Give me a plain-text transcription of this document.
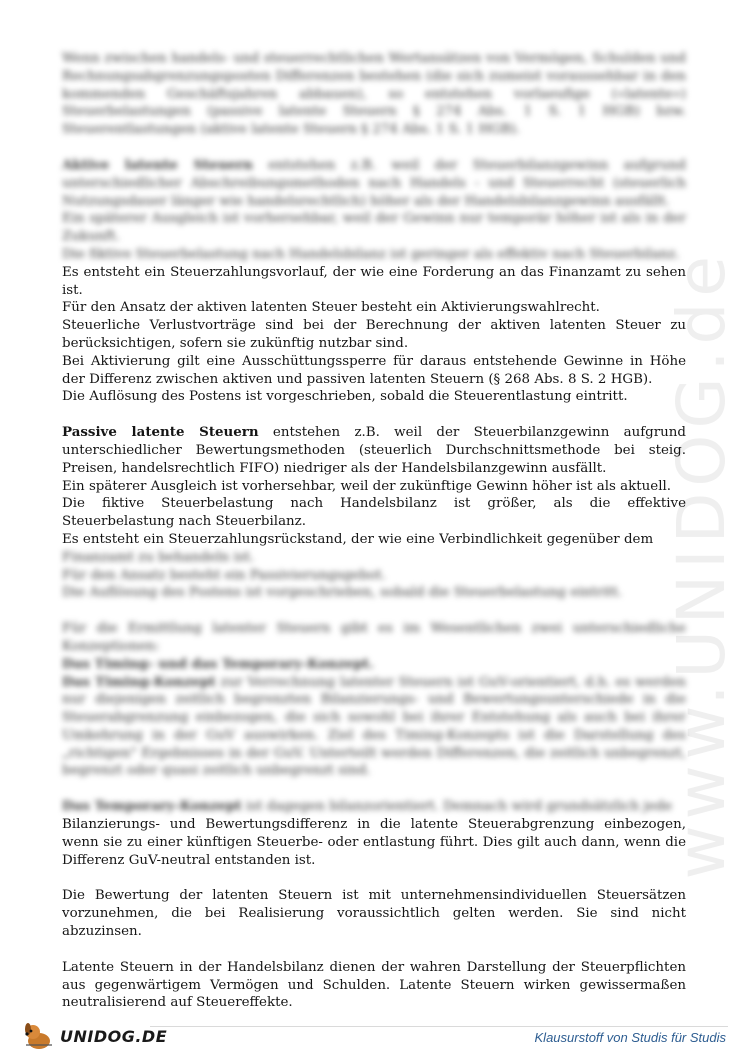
www.UNIDOG.de

Wenn zwischen handels- und steuerrechtlichen Wertansätzen von Vermögen, Schulden und Rechnungsabgrenzungsposten Differenzen bestehen (die sich zumeist voraussehbar in den kommenden Geschäftsjahren abbauen), so entstehen vorlaeufige («latente») Steuerbelastungen (passive latente Steuern § 274 Abs. 1 S. 1 HGB) bzw. Steuerentlastungen (aktive latente Steuern § 274 Abs. 1 S. 1 HGB).

Aktive latente Steuern entstehen z.B. weil der Steuerbilanzgewinn aufgrund unterschiedlicher Abschreibungsmethoden nach Handels - und Steuerrecht (steuerlich Nutzungsdauer länger wie handelsrechtlich) höher als der Handelsbilanzgewinn ausfällt.
Ein späterer Ausgleich ist vorhersehbar, weil der Gewinn nur temporär höher ist als in der Zukunft.
Die fiktive Steuerbelastung nach Handelsbilanz ist geringer als effektiv nach Steuerbilanz.

Es entsteht ein Steuerzahlungsvorlauf, der wie eine Forderung an das Finanzamt zu sehen ist.
Für den Ansatz der aktiven latenten Steuer besteht ein Aktivierungswahlrecht.
Steuerliche Verlustvorträge sind bei der Berechnung der aktiven latenten Steuer zu berücksichtigen, sofern sie zukünftig nutzbar sind.
Bei Aktivierung gilt eine Ausschüttungssperre für daraus entstehende Gewinne in Höhe der Differenz zwischen aktiven und passiven latenten Steuern (§ 268 Abs. 8 S. 2 HGB).
Die Auflösung des Postens ist vorgeschrieben, sobald die Steuerentlastung eintritt.

Passive latente Steuern entstehen z.B. weil der Steuerbilanzgewinn aufgrund unterschiedlicher Bewertungsmethoden (steuerlich Durchschnittsmethode bei steig. Preisen, handelsrechtlich FIFO) niedriger als der Handelsbilanzgewinn ausfällt.
Ein späterer Ausgleich ist vorhersehbar, weil der zukünftige Gewinn höher ist als aktuell.
Die fiktive Steuerbelastung nach Handelsbilanz ist größer, als die effektive Steuerbelastung nach Steuerbilanz.
Es entsteht ein Steuerzahlungsrückstand, der wie eine Verbindlichkeit gegenüber dem

Finanzamt zu behandeln ist.
Für den Ansatz besteht ein Passivierungsgebot.
Die Auflösung des Postens ist vorgeschrieben, sobald die Steuerbelastung eintritt.

Für die Ermittlung latenter Steuern gibt es im Wesentlichen zwei unterschiedliche Konzeptionen:
Das Timing- und das Temporary-Konzept.
Das Timing-Konzept zur Verrechnung latenter Steuern ist GuV-orientiert, d.h. es werden nur diejenigen zeitlich begrenzten Bilanzierungs- und Bewertungsunterschiede in die Steuerabgrenzung einbezogen, die sich sowohl bei ihrer Entstehung als auch bei ihrer Umkehrung in der GuV auswirken. Ziel des Timing-Konzepts ist die Darstellung des „richtigen" Ergebnisses in der GuV. Unterteilt werden Differenzen, die zeitlich unbegrenzt, begrenzt oder quasi zeitlich unbegrenzt sind.

Das Temporary-Konzept ist dagegen bilanzorientiert. Demnach wird grundsätzlich jede

Bilanzierungs- und Bewertungsdifferenz in die latente Steuerabgrenzung einbezogen, wenn sie zu einer künftigen Steuerbe- oder entlastung führt. Dies gilt auch dann, wenn die Differenz GuV-neutral entstanden ist.

Die Bewertung der latenten Steuern ist mit unternehmensindividuellen Steuersätzen vorzunehmen, die bei Realisierung voraussichtlich gelten werden. Sie sind nicht abzuzinsen.

Latente Steuern in der Handelsbilanz dienen der wahren Darstellung der Steuerpflichten aus gegenwärtigem Vermögen und Schulden. Latente Steuern wirken gewissermaßen neutralisierend auf Steuereffekte.

UNIDOG.DE	Klausurstoff von Studis für Studis
